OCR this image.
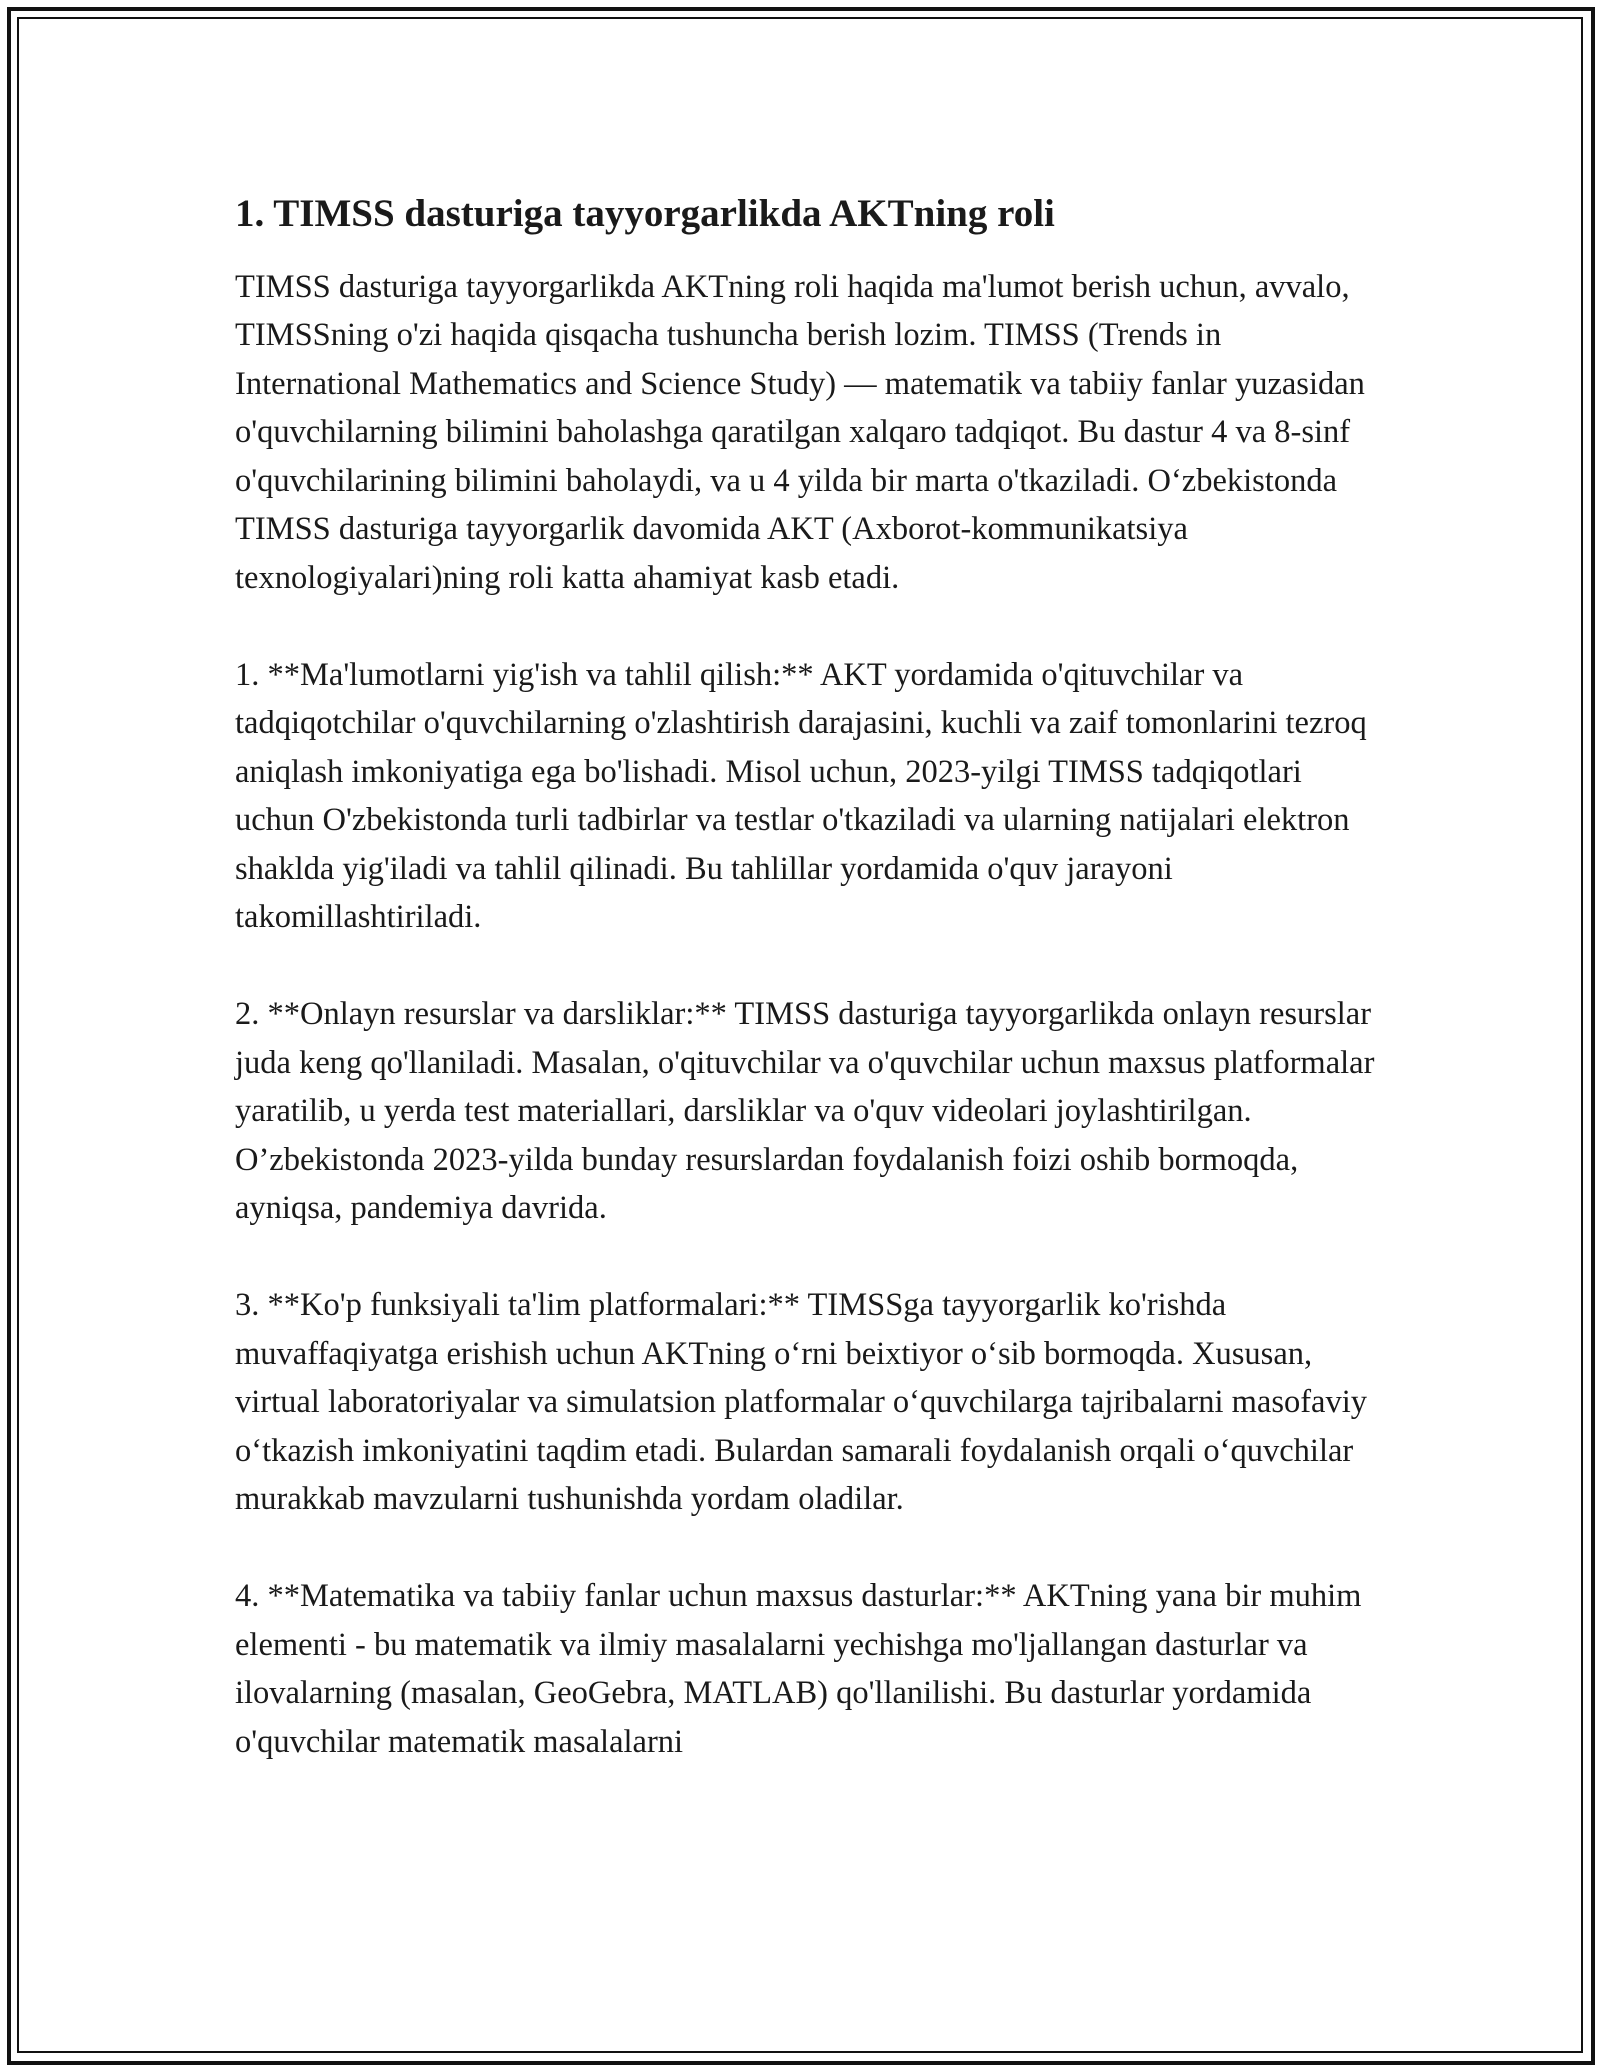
1. TIMSS dasturiga tayyorgarlikda AKTning roli

TIMSS dasturiga tayyorgarlikda AKTning roli haqida ma'lumot berish uchun, avvalo, TIMSSning o'zi haqida qisqacha tushuncha berish lozim. TIMSS (Trends in International Mathematics and Science Study) — matematik va tabiiy fanlar yuzasidan o'quvchilarning bilimini baholashga qaratilgan xalqaro tadqiqot. Bu dastur 4 va 8-sinf o'quvchilarining bilimini baholaydi, va u 4 yilda bir marta o'tkaziladi. O‘zbekistonda TIMSS dasturiga tayyorgarlik davomida AKT (Axborot-kommunikatsiya texnologiyalari)ning roli katta ahamiyat kasb etadi.

1. **Ma'lumotlarni yig'ish va tahlil qilish:** AKT yordamida o'qituvchilar va tadqiqotchilar o'quvchilarning o'zlashtirish darajasini, kuchli va zaif tomonlarini tezroq aniqlash imkoniyatiga ega bo'lishadi. Misol uchun, 2023-yilgi TIMSS tadqiqotlari uchun O'zbekistonda turli tadbirlar va testlar o'tkaziladi va ularning natijalari elektron shaklda yig'iladi va tahlil qilinadi. Bu tahlillar yordamida o'quv jarayoni takomillashtiriladi.

2. **Onlayn resurslar va darsliklar:** TIMSS dasturiga tayyorgarlikda onlayn resurslar juda keng qo'llaniladi. Masalan, o'qituvchilar va o'quvchilar uchun maxsus platformalar yaratilib, u yerda test materiallari, darsliklar va o'quv videolari joylashtirilgan. O’zbekistonda 2023-yilda bunday resurslardan foydalanish foizi oshib bormoqda, ayniqsa, pandemiya davrida.

3. **Ko'p funksiyali ta'lim platformalari:** TIMSSga tayyorgarlik ko'rishda muvaffaqiyatga erishish uchun AKTning o‘rni beixtiyor o‘sib bormoqda. Xususan, virtual laboratoriyalar va simulatsion platformalar o‘quvchilarga tajribalarni masofaviy o‘tkazish imkoniyatini taqdim etadi. Bulardan samarali foydalanish orqali o‘quvchilar murakkab mavzularni tushunishda yordam oladilar.

4. **Matematika va tabiiy fanlar uchun maxsus dasturlar:** AKTning yana bir muhim elementi - bu matematik va ilmiy masalalarni yechishga mo'ljallangan dasturlar va ilovalarning (masalan, GeoGebra, MATLAB) qo'llanilishi. Bu dasturlar yordamida o'quvchilar matematik masalalarni
